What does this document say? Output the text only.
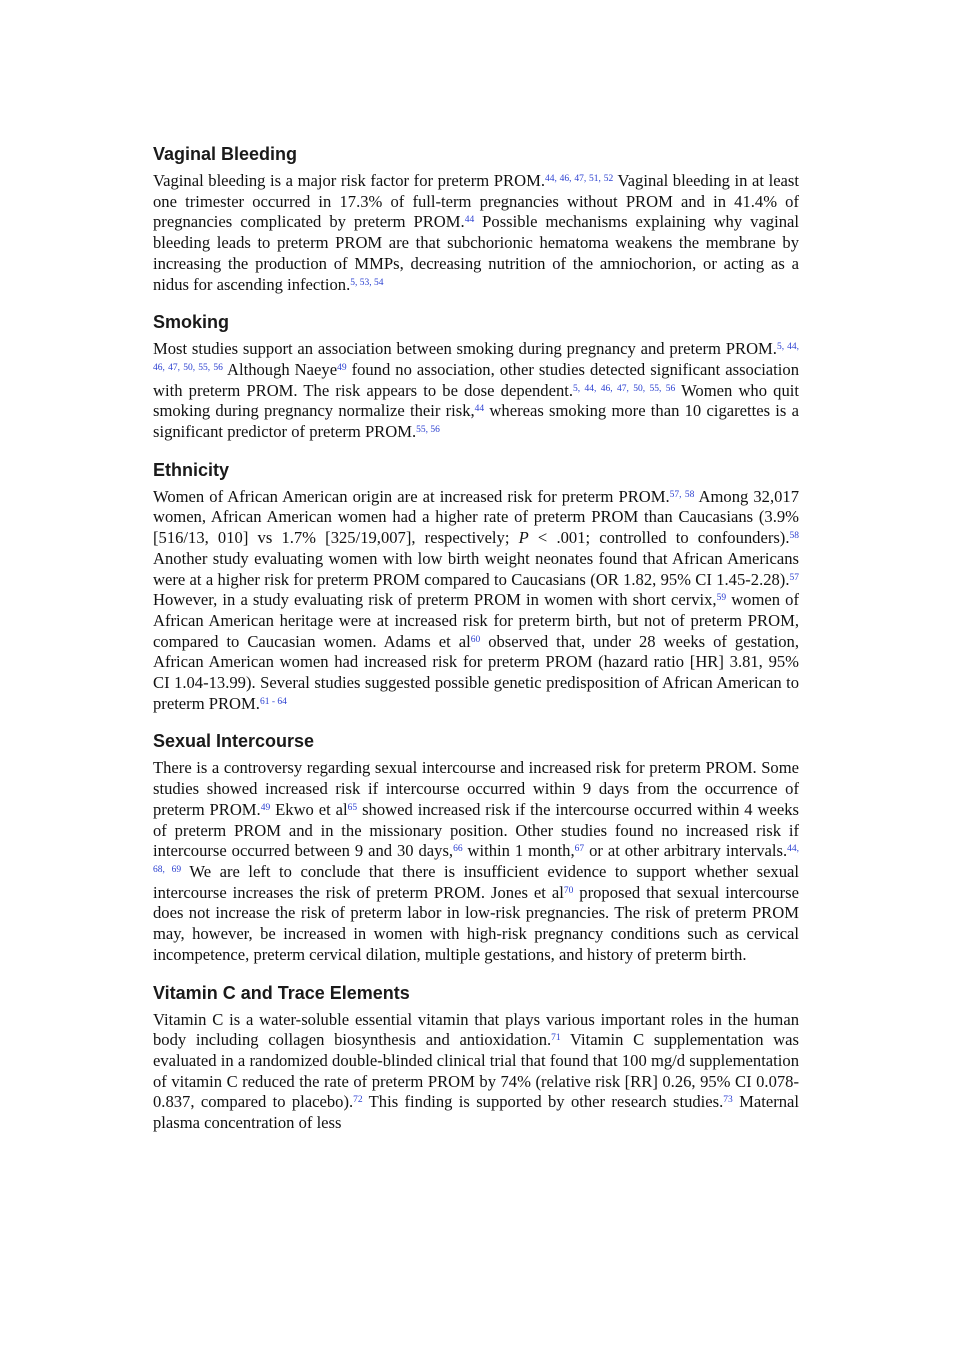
Vaginal Bleeding

Vaginal bleeding is a major risk factor for preterm PROM.$^{44, 46, 47, 51, 52}$ Vaginal bleeding in at least one trimester occurred in 17.3% of full-term pregnancies without PROM and in 41.4% of pregnancies complicated by preterm PROM.$^{44}$ Possible mechanisms explaining why vaginal bleeding leads to preterm PROM are that subchorionic hematoma weakens the membrane by increasing the production of MMPs, decreasing nutrition of the amniochorion, or acting as a nidus for ascending infection.$^{5, 53, 54}$

Smoking

Most studies support an association between smoking during pregnancy and preterm PROM.$^{5, 44, 46, 47, 50, 55, 56}$ Although Naeye$^{49}$ found no association, other studies detected significant association with preterm PROM. The risk appears to be dose dependent.$^{5, 44, 46, 47, 50, 55, 56}$ Women who quit smoking during pregnancy normalize their risk,$^{44}$ whereas smoking more than 10 cigarettes is a significant predictor of preterm PROM.$^{55, 56}$

Ethnicity

Women of African American origin are at increased risk for preterm PROM.$^{57, 58}$ Among 32,017 women, African American women had a higher rate of preterm PROM than Caucasians (3.9% [516/13, 010] vs 1.7% [325/19,007], respectively; P < .001; controlled to confounders).$^{58}$ Another study evaluating women with low birth weight neonates found that African Americans were at a higher risk for preterm PROM compared to Caucasians (OR 1.82, 95% CI 1.45-2.28).$^{57}$ However, in a study evaluating risk of preterm PROM in women with short cervix,$^{59}$ women of African American heritage were at increased risk for preterm birth, but not of preterm PROM, compared to Caucasian women. Adams et al$^{60}$ observed that, under 28 weeks of gestation, African American women had increased risk for preterm PROM (hazard ratio [HR] 3.81, 95% CI 1.04-13.99). Several studies suggested possible genetic predisposition of African American to preterm PROM.$^{61 - 64}$

Sexual Intercourse

There is a controversy regarding sexual intercourse and increased risk for preterm PROM. Some studies showed increased risk if intercourse occurred within 9 days from the occurrence of preterm PROM.$^{49}$ Ekwo et al$^{65}$ showed increased risk if the intercourse occurred within 4 weeks of preterm PROM and in the missionary position. Other studies found no increased risk if intercourse occurred between 9 and 30 days,$^{66}$ within 1 month,$^{67}$ or at other arbitrary intervals.$^{44, 68, 69}$ We are left to conclude that there is insufficient evidence to support whether sexual intercourse increases the risk of preterm PROM. Jones et al$^{70}$ proposed that sexual intercourse does not increase the risk of preterm labor in low-risk pregnancies. The risk of preterm PROM may, however, be increased in women with high-risk pregnancy conditions such as cervical incompetence, preterm cervical dilation, multiple gestations, and history of preterm birth.

Vitamin C and Trace Elements

Vitamin C is a water-soluble essential vitamin that plays various important roles in the human body including collagen biosynthesis and antioxidation.$^{71}$ Vitamin C supplementation was evaluated in a randomized double-blinded clinical trial that found that 100 mg/d supplementation of vitamin C reduced the rate of preterm PROM by 74% (relative risk [RR] 0.26, 95% CI 0.078-0.837, compared to placebo).$^{72}$ This finding is supported by other research studies.$^{73}$ Maternal plasma concentration of less
